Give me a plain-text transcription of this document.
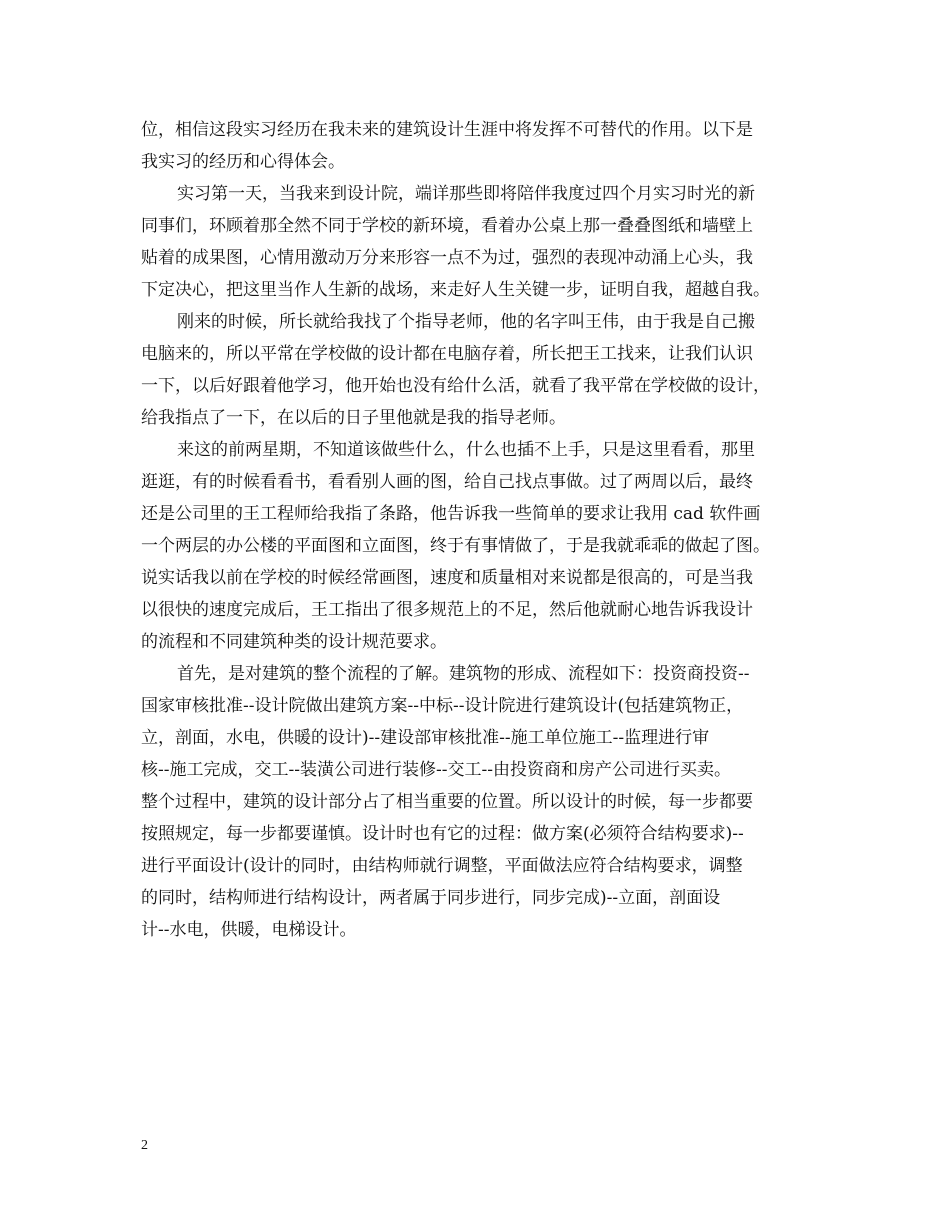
位，相信这段实习经历在我未来的建筑设计生涯中将发挥不可替代的作用。以下是
我实习的经历和心得体会。
实习第一天，当我来到设计院，端详那些即将陪伴我度过四个月实习时光的新
同事们，环顾着那全然不同于学校的新环境，看着办公桌上那一叠叠图纸和墙壁上
贴着的成果图，心情用激动万分来形容一点不为过，强烈的表现冲动涌上心头，我
下定决心，把这里当作人生新的战场，来走好人生关键一步，证明自我，超越自我。
刚来的时候，所长就给我找了个指导老师，他的名字叫王伟，由于我是自己搬
电脑来的，所以平常在学校做的设计都在电脑存着，所长把王工找来，让我们认识
一下，以后好跟着他学习，他开始也没有给什么活，就看了我平常在学校做的设计，
给我指点了一下，在以后的日子里他就是我的指导老师。
来这的前两星期，不知道该做些什么，什么也插不上手，只是这里看看，那里
逛逛，有的时候看看书，看看别人画的图，给自己找点事做。过了两周以后，最终
还是公司里的王工程师给我指了条路，他告诉我一些简单的要求让我用 cad 软件画
一个两层的办公楼的平面图和立面图，终于有事情做了，于是我就乖乖的做起了图。
说实话我以前在学校的时候经常画图，速度和质量相对来说都是很高的，可是当我
以很快的速度完成后，王工指出了很多规范上的不足，然后他就耐心地告诉我设计
的流程和不同建筑种类的设计规范要求。
首先，是对建筑的整个流程的了解。建筑物的形成、流程如下：投资商投资--
国家审核批准--设计院做出建筑方案--中标--设计院进行建筑设计(包括建筑物正，
立，剖面，水电，供暖的设计)--建设部审核批准--施工单位施工--监理进行审
核--施工完成，交工--装潢公司进行装修--交工--由投资商和房产公司进行买卖。
整个过程中，建筑的设计部分占了相当重要的位置。所以设计的时候，每一步都要
按照规定，每一步都要谨慎。设计时也有它的过程：做方案(必须符合结构要求)--
进行平面设计(设计的同时，由结构师就行调整，平面做法应符合结构要求，调整
的同时，结构师进行结构设计，两者属于同步进行，同步完成)--立面，剖面设
计--水电，供暖，电梯设计。
2
